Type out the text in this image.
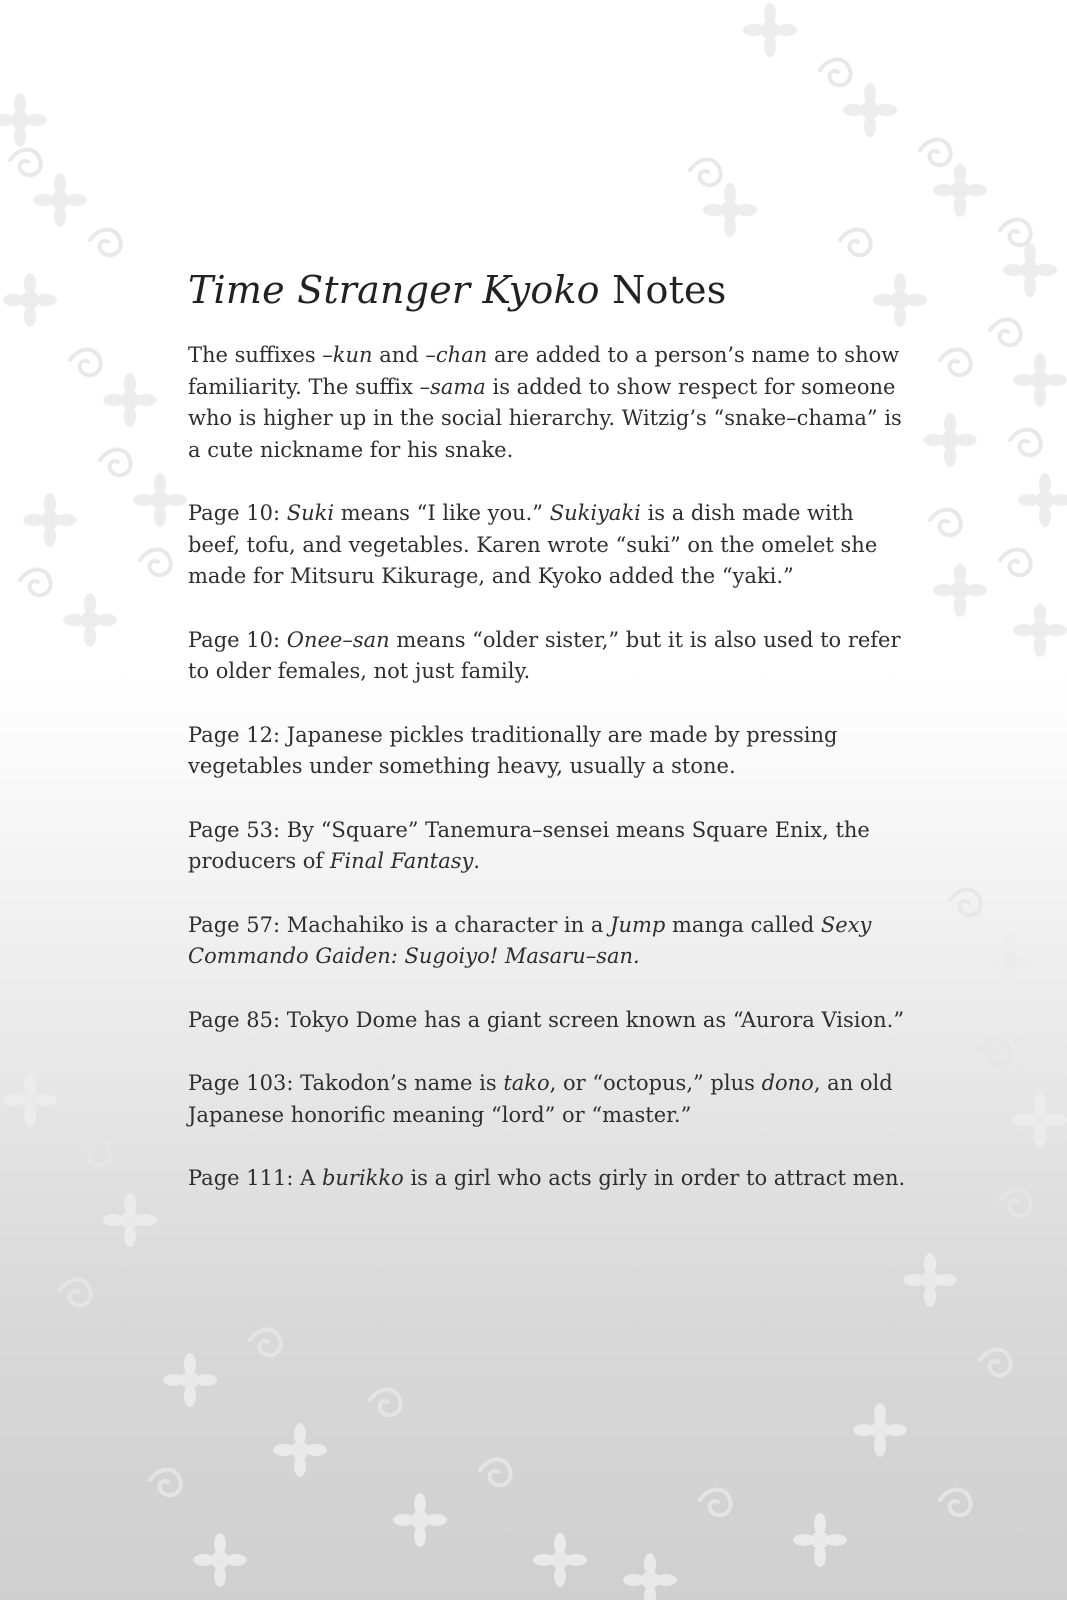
Time Stranger Kyoko Notes

The suffixes –kun and –chan are added to a person’s name to show familiarity. The suffix –sama is added to show respect for someone who is higher up in the social hierarchy. Witzig’s “snake–chama” is a cute nickname for his snake.

Page 10: Suki means “I like you.” Sukiyaki is a dish made with beef, tofu, and vegetables. Karen wrote “suki” on the omelet she made for Mitsuru Kikurage, and Kyoko added the “yaki.”

Page 10: Onee–san means “older sister,” but it is also used to refer to older females, not just family.

Page 12: Japanese pickles traditionally are made by pressing vegetables under something heavy, usually a stone.

Page 53: By “Square” Tanemura–sensei means Square Enix, the producers of Final Fantasy.

Page 57: Machahiko is a character in a Jump manga called Sexy Commando Gaiden: Sugoiyo! Masaru–san.

Page 85: Tokyo Dome has a giant screen known as “Aurora Vision.”

Page 103: Takodon’s name is tako, or “octopus,” plus dono, an old Japanese honorific meaning “lord” or “master.”

Page 111: A burikko is a girl who acts girly in order to attract men.
